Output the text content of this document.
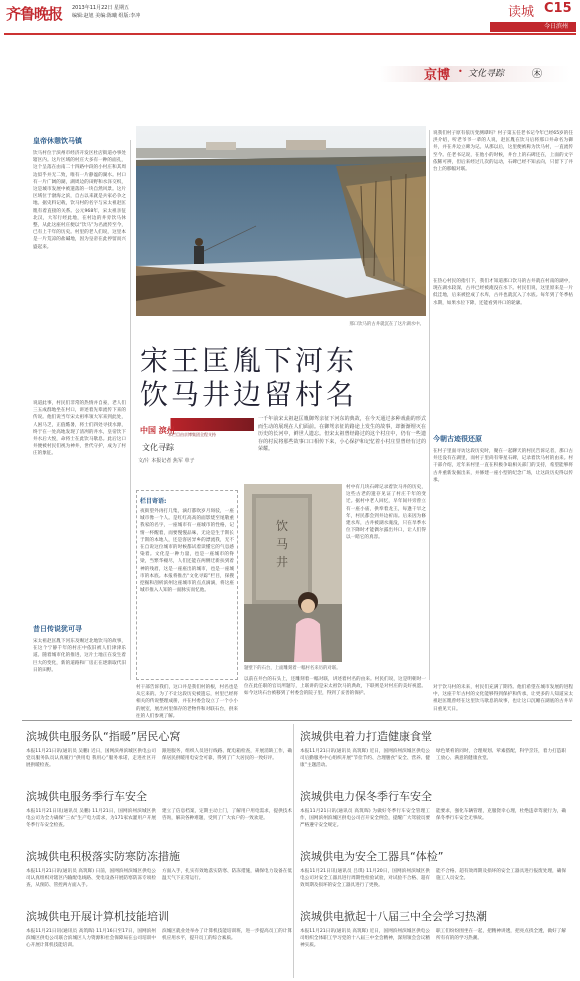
齐鲁晚报 2013年11月22日 星期五
编辑:赵旭 美编:陈曦 组版:李冲	读城 C15
今日滨州
京博 • 文化寻踪	㊍
皇帝休憩饮马镇
饮马村位于滨州市经济开发区杜店街道办事处辖区内。这片区域的村庄大多有一种的面孔，这个呈落在由南二十四路中段的小村庄和其周边似乎并无二致，唯有一片静谧的湖水。村口有一片广阔的湖，湖周边的田野和水泽交织，这是城市发展中被遗落的一块自然风景。这片区域位于渤海之滨，自古以来就是兵家必争之地。据史料记载，饮马村的名字与宋太祖赵匡胤有着直接的关系。公元968年，宋太祖亲征北汉，大军行经此地，在村边的井旁饮马休整，从此这座村庄便以“饮马”为名流传至今，已有上千年的历史。村里的老人们说，这里本是一片荒凉的盐碱地，因为皇帝在此停留而兴盛起来。
说道此事，村民们非常的热情并自豪，老人们三五成群地坐在村口，讲述着先辈流传下来的传说。他们说当年宋太祖率领大军来到此处，人困马乏，正值酷暑，将士们四处寻找水源，终于在一处高地发现了清冽的井水，皇帝饮下井水后大悦，命将士在此饮马歇息。此后这口井便被村民们视为神井，世代守护，成为了村庄的象征。
昔日传说犹可寻
宋太祖赵匡胤下河东及赐过北地饮马的故事，在这个宁静千年的村庄中依旧被人们津津乐道。随着城市化的推进，这片土地正在发生着巨大的变化，新的道路和厂房正在逐渐取代旧日的田野。
那口饮马的古井就沉在了这片湖水中。
说我们村子原有依历变测谭吗？村子第五任老书记今年已经65岁的任洪介绍，听老爷爷一辈的人说，赵匡胤在饮马后将那口井命名为御井，并在井边立碑为记。从那以后，这里便被称为饮马村，一直流传至今。任老书记说，在他小的时候，井台上的石碑还在，上面的文字依稀可辨，但后来经过几次的运动，石碑已经不知去向，只留下了井台上的那幅对联。
在热心村民的指引下，我们才知道那口饮马的古井就在村南的湖中，现在湖水较深，古井已经被淹没在水下。村民们说，这里原来是一片低洼地，后来被挖成了水库，古井也就沉入了水底。每年到了冬季枯水期，如果水位下降，还能看到井口的轮廓。
今朝古迹很还原
在村子里面寻访这段历史时，聚在一起聊天的村民告诉记者，那口古井还没有在湖里，而村子里尚有零星石碑，记录着饮马村的由来。村干部介绍，近年来村里一直在积极争取相关部门的支持，希望能够将古井重新发掘出来，并修建一座小型的纪念广场，让这段历史得以传承。
宋王匡胤下河东
饮马井边留村名
中国 滨州
本栏目由京博集团全程支持
文化寻踪
文/片 本报记者 焦军 单子
一千年前宋太祖赵匡胤御驾亲征下河东的典故，在今天通过多种戏曲的形式而生动的展现在人们面前。在御驾亲征的路途上发生的故事，却渐渐埋灭在历史的长河中，鲜世人遗忘。但宋太祖曾经路过的这个村庄中，仍有一些遗存的村民将那些故事口口相传下来，小心保护和记忆着小村庄里曾经有过的荣耀。
栏目寄语:
夜街望外再打几集，滴灯都吹岁月斑驳，一座城市像一个人。是红红高高的面影烧至尾敬重我家的名字，一座城市有一座城市的性格，记情一杯醒着，而要慢慢品味，无论是生于斯长于斯的本地人，还是客居异乡的漂流我，无不在自说这位城市的时候都试着读懂它的气息感染着。文化是一种力量，也是一座城市的脊梁，当繁华褪尽，人们还能在两侧迁新扶到着神的残眉，这是一座座出的城市，也是一座城市的本底。本报将推出“文化寻踪”栏目，探搜挖掘和剖析滨州这座城市的点点滴滴，将这座城市推入人知的一面脉实而忆他。
饮
马
井
题壁下的石台，上面雕刻着一幅村名来历的对联。
村中有几块石碑记录着饮马井的历史，这些古老的遗存见证了村庄千年的变迁。据村中老人回忆，早年间井旁曾立有一座小庙，供奉着龙王，每逢干旱之年，村民都会到井边祈雨。后来因为修建水库，古井被湖水淹没，只在旱季水位下降时才能偶尔露出井口，让人们得以一睹它的真容。
以前在井台的石头上，还雕刻着一幅对联，讲述着村名的由来。村民们说，这是明朝时一位在此任职的官员所题写，上联讲的是宋太祖饮马的典故，下联则是对村庄的美好祝愿。如今这块石台被移到了村委会的院子里，得到了妥善的保护。
村干部告诉我们，这口井是我们村的根，村名也是从它来的。为了不让这段历史被遗忘，村里已经将相关的传说整理成册，并在村委会设立了一个小小的展室，展出村里保存的老物件和对联石台，供来往的人们参观了解。
对于饮马村的未来，村民们充满了期待。他们希望在城市发展的进程中，这座千年古村的文化能够得到保护和传承，让更多的人知道宋太祖赵匡胤曾经在这里饮马歇息的故事，也让这口沉睡在湖底的古井早日重见天日。
滨城供电服务队“指暖”居民心窝
本报11月21日讯(通讯员 吴鹏) 近日，国网滨州滨城区供电公司党员服务队员认真履行“供用电 我用心”服务承诺，走进社区开展供暖检查。
跟进服务，组织人员进行线路、配电箱检查，开展消缺工作，确保居民供暖用电安全可靠，得到了广大居民的一致好评。
滨城供电着力打造健康食堂
本报11月21日讯(通讯员 高筑晖) 近日，国网滨州滨城区供电公司后勤服务中心组织开展“节俭节约、合理膳食”安全、营养、健康”主题活动。
绿色菜肴的同时，合理规划、荤素搭配，科学烹饪，着力打造职工放心、满意的健康食堂。
滨城供电服务季行车安全
本报11月21日讯(通讯员 吴鹏) 11月21日，国网滨州滨城区供电公司为全力确保“三农”生产电力需求，为171家农灌用户开展冬季行车安全检查。
建立了信息档案，定期主动上门，了解用户用电需求，提供技术咨询，解决各种难题，受到了广大农户的一致欢迎。
滨城供电力保冬季行车安全
本报11月21日讯(通讯员 高筑晖) 为做好冬季行车安全管理工作，国网滨州滨城区供电公司召开安全例会，提醒广大驾驶员要严格遵守安全规定。
能要求，强化车辆管理，克服侥幸心理，杜绝违章驾驶行为，确保冬季行车安全无事故。
滨城供电积极落实防寒防冻措施
本报11月21日讯(通讯员 高筑晖) 日前，国网滨州滨城区供电公司认真组织对辖区内输配电线路、变电设备开展防寒防冻专项检查，从预防、管控两方面入手。
方面入手，扎实有效地落实防寒、防冻措施，确保电力设备在低温天气下正常运行。
滨城供电为安全工器具“体检”
本报11月21日讯(通讯员 吕琪) 11月20日，国网滨州滨城区供电公司对安全工器具进行周期性检验试验，对试验不合格、超有效周期及损坏的安全工器具进行了更换。
能不合格、超有效周期及损坏的安全工器具进行报废处理，确保施工人员安全。
滨城供电开展计算机技能培训
本报11月21日讯(通讯员 高筑晖) 11月16日至17日，国网滨州滨城区供电公司联合滨城区人力资源和社会保障局在公司培训中心开展计算机技能培训。
滨城区就业处举办了计算机技能培训班，进一步提高员工的计算机应用水平，提升员工的综合素质。
滨城供电掀起十八届三中全会学习热潮
本报11月21日讯(通讯员 高筑晖) 近日，国网滨州滨城区供电公司组织全体职工学习党的十八届三中全会精神，深刻领会会议精神实质。
职工们纷纷围坐在一起，把精神讲透，把亮点找全透，做好了解所有有的的学习热潮。
